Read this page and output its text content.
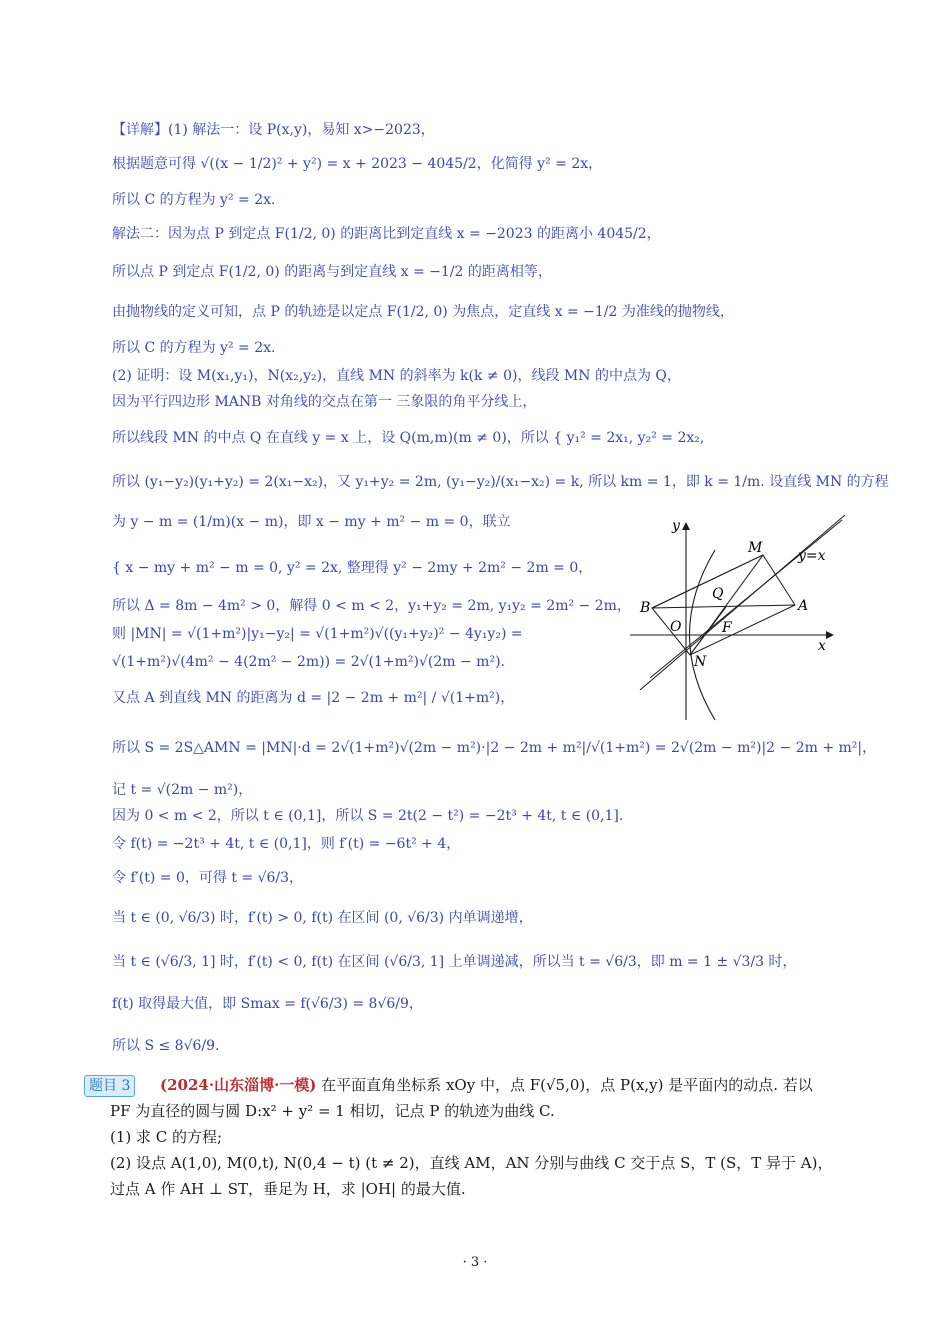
【详解】(1) 解法一：设 P(x,y)，易知 x>−2023，
根据题意可得 √((x − 1/2)² + y²) = x + 2023 − 4045/2，化简得 y² = 2x，
所以 C 的方程为 y² = 2x.
解法二：因为点 P 到定点 F(1/2, 0) 的距离比到定直线 x = −2023 的距离小 4045/2，
所以点 P 到定点 F(1/2, 0) 的距离与到定直线 x = −1/2 的距离相等，
由抛物线的定义可知，点 P 的轨迹是以定点 F(1/2, 0) 为焦点，定直线 x = −1/2 为准线的抛物线，
所以 C 的方程为 y² = 2x.
(2) 证明：设 M(x₁,y₁)，N(x₂,y₂)，直线 MN 的斜率为 k(k ≠ 0)，线段 MN 的中点为 Q，
因为平行四边形 MANB 对角线的交点在第一 三象限的角平分线上，
所以线段 MN 的中点 Q 在直线 y = x 上，设 Q(m,m)(m ≠ 0)，所以 { y₁² = 2x₁, y₂² = 2x₂,
所以 (y₁−y₂)(y₁+y₂) = 2(x₁−x₂)，又 y₁+y₂ = 2m, (y₁−y₂)/(x₁−x₂) = k, 所以 km = 1，即 k = 1/m. 设直线 MN 的方程
为 y − m = (1/m)(x − m)，即 x − my + m² − m = 0，联立
{ x − my + m² − m = 0, y² = 2x, 整理得 y² − 2my + 2m² − 2m = 0，
所以 Δ = 8m − 4m² > 0，解得 0 < m < 2，y₁+y₂ = 2m, y₁y₂ = 2m² − 2m，
则 |MN| = √(1+m²)|y₁−y₂| = √(1+m²)√((y₁+y₂)² − 4y₁y₂) =
√(1+m²)√(4m² − 4(2m² − 2m)) = 2√(1+m²)√(2m − m²).
又点 A 到直线 MN 的距离为 d = |2 − 2m + m²| / √(1+m²)，
所以 S = 2S△AMN = |MN|·d = 2√(1+m²)√(2m − m²)·|2 − 2m + m²|/√(1+m²) = 2√(2m − m²)|2 − 2m + m²|，
记 t = √(2m − m²)，
因为 0 < m < 2，所以 t ∈ (0,1]，所以 S = 2t(2 − t²) = −2t³ + 4t, t ∈ (0,1].
令 f(t) = −2t³ + 4t, t ∈ (0,1]，则 f′(t) = −6t² + 4，
令 f′(t) = 0，可得 t = √6/3，
当 t ∈ (0, √6/3) 时，f′(t) > 0, f(t) 在区间 (0, √6/3) 内单调递增，
当 t ∈ (√6/3, 1] 时，f′(t) < 0, f(t) 在区间 (√6/3, 1] 上单调递减，所以当 t = √6/3，即 m = 1 ± √3/3 时，
f(t) 取得最大值，即 Smax = f(√6/3) = 8√6/9，
所以 S ≤ 8√6/9.
y
x
M	y=x
B
Q
A
O	F
N
题目 3	(2024·山东淄博·一模) 在平面直角坐标系 xOy 中，点 F(√5,0)，点 P(x,y) 是平面内的动点. 若以
PF 为直径的圆与圆 D:x² + y² = 1 相切，记点 P 的轨迹为曲线 C.
(1) 求 C 的方程;
(2) 设点 A(1,0), M(0,t), N(0,4 − t) (t ≠ 2)，直线 AM，AN 分别与曲线 C 交于点 S，T (S，T 异于 A)，
过点 A 作 AH ⊥ ST，垂足为 H，求 |OH| 的最大值.
· 3 ·
